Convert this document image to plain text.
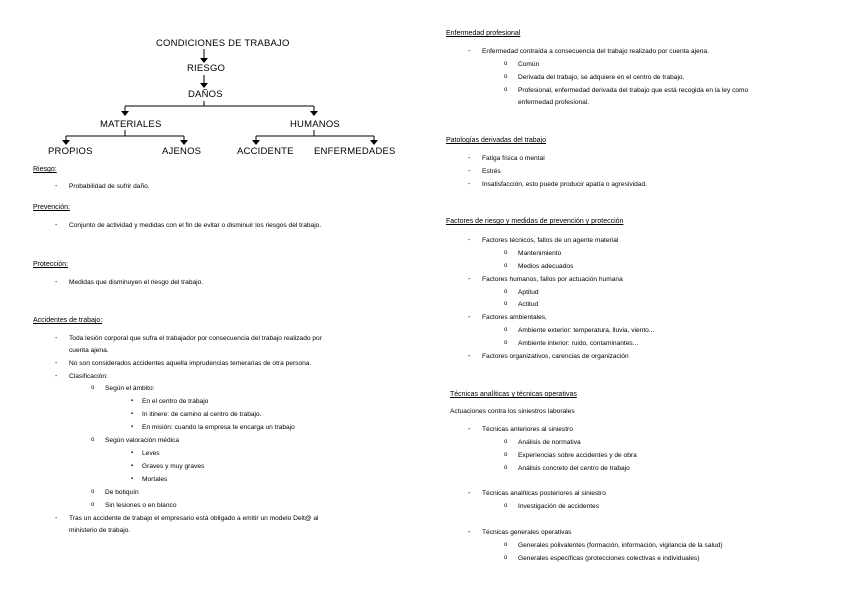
CONDICIONES DE TRABAJO
RIESGO
DAÑOS
MATERIALES	HUMANOS
PROPIOS	AJENOS	ACCIDENTE ENFERMEDADES
Riesgo:
- Probabilidad de sufrir daño.
Prevención:
- Conjunto de actividad y medidas con el fin de evitar o disminuir los riesgos del trabajo.
Protección:
- Medidas que disminuyen el riesgo del trabajo.
Accidentes de trabajo:
- Toda lesión corporal que sufra el trabajador por consecuencia del trabajo realizado por
cuenta ajena.
- No son considerados accidentes aquella imprudencias temerarias de otra persona.
- Clasificación:
o Según el ámbito:
▪ En el centro de trabajo
▪ In itinere: de camino al centro de trabajo.
▪ En misión: cuando la empresa te encarga un trabajo
o Según valoración médica
▪ Leves
▪ Graves y muy graves
▪ Mortales
o De botiquín
o Sin lesiones o en blanco
- Tras un accidente de trabajo el empresario está obligado a emitir un modelo Delt@ al
ministerio de trabajo.
Enfermedad profesional
- Enfermedad contraída a consecuencia del trabajo realizado por cuenta ajena.
o Común
o Derivada del trabajo, se adquiere en el centro de trabajo.
o Profesional, enfermedad derivada del trabajo que está recogida en la ley como
enfermedad profesional.
Patologías derivadas del trabajo
- Fatiga física o mental
- Estrés
- Insatisfacción, esto puede producir apatía o agresividad.
Factores de riesgo y medidas de prevención y protección
- Factores técnicos, fallos de un agente material
o Mantenimiento
o Medios adecuados
- Factores humanos, fallos por actuación humana
o Aptitud
o Actitud
- Factores ambientales,
o Ambiente exterior: temperatura, lluvia, viento...
o Ambiente interior: ruido, contaminantes...
- Factores organizativos, carencias de organización
Técnicas analíticas y técnicas operativas
Actuaciones contra los siniestros laborales
- Técnicas anteriores al siniestro
o Análisis de normativa
o Experiencias sobre accidentes y de obra
o Análisis concreto del centro de trabajo
- Técnicas analíticas posteriores al siniestro
o Investigación de accidentes
- Técnicas generales operativas
o Generales polivalentes (formación, información, vigilancia de la salud)
o Generales específicas (protecciones colectivas e individuales)
